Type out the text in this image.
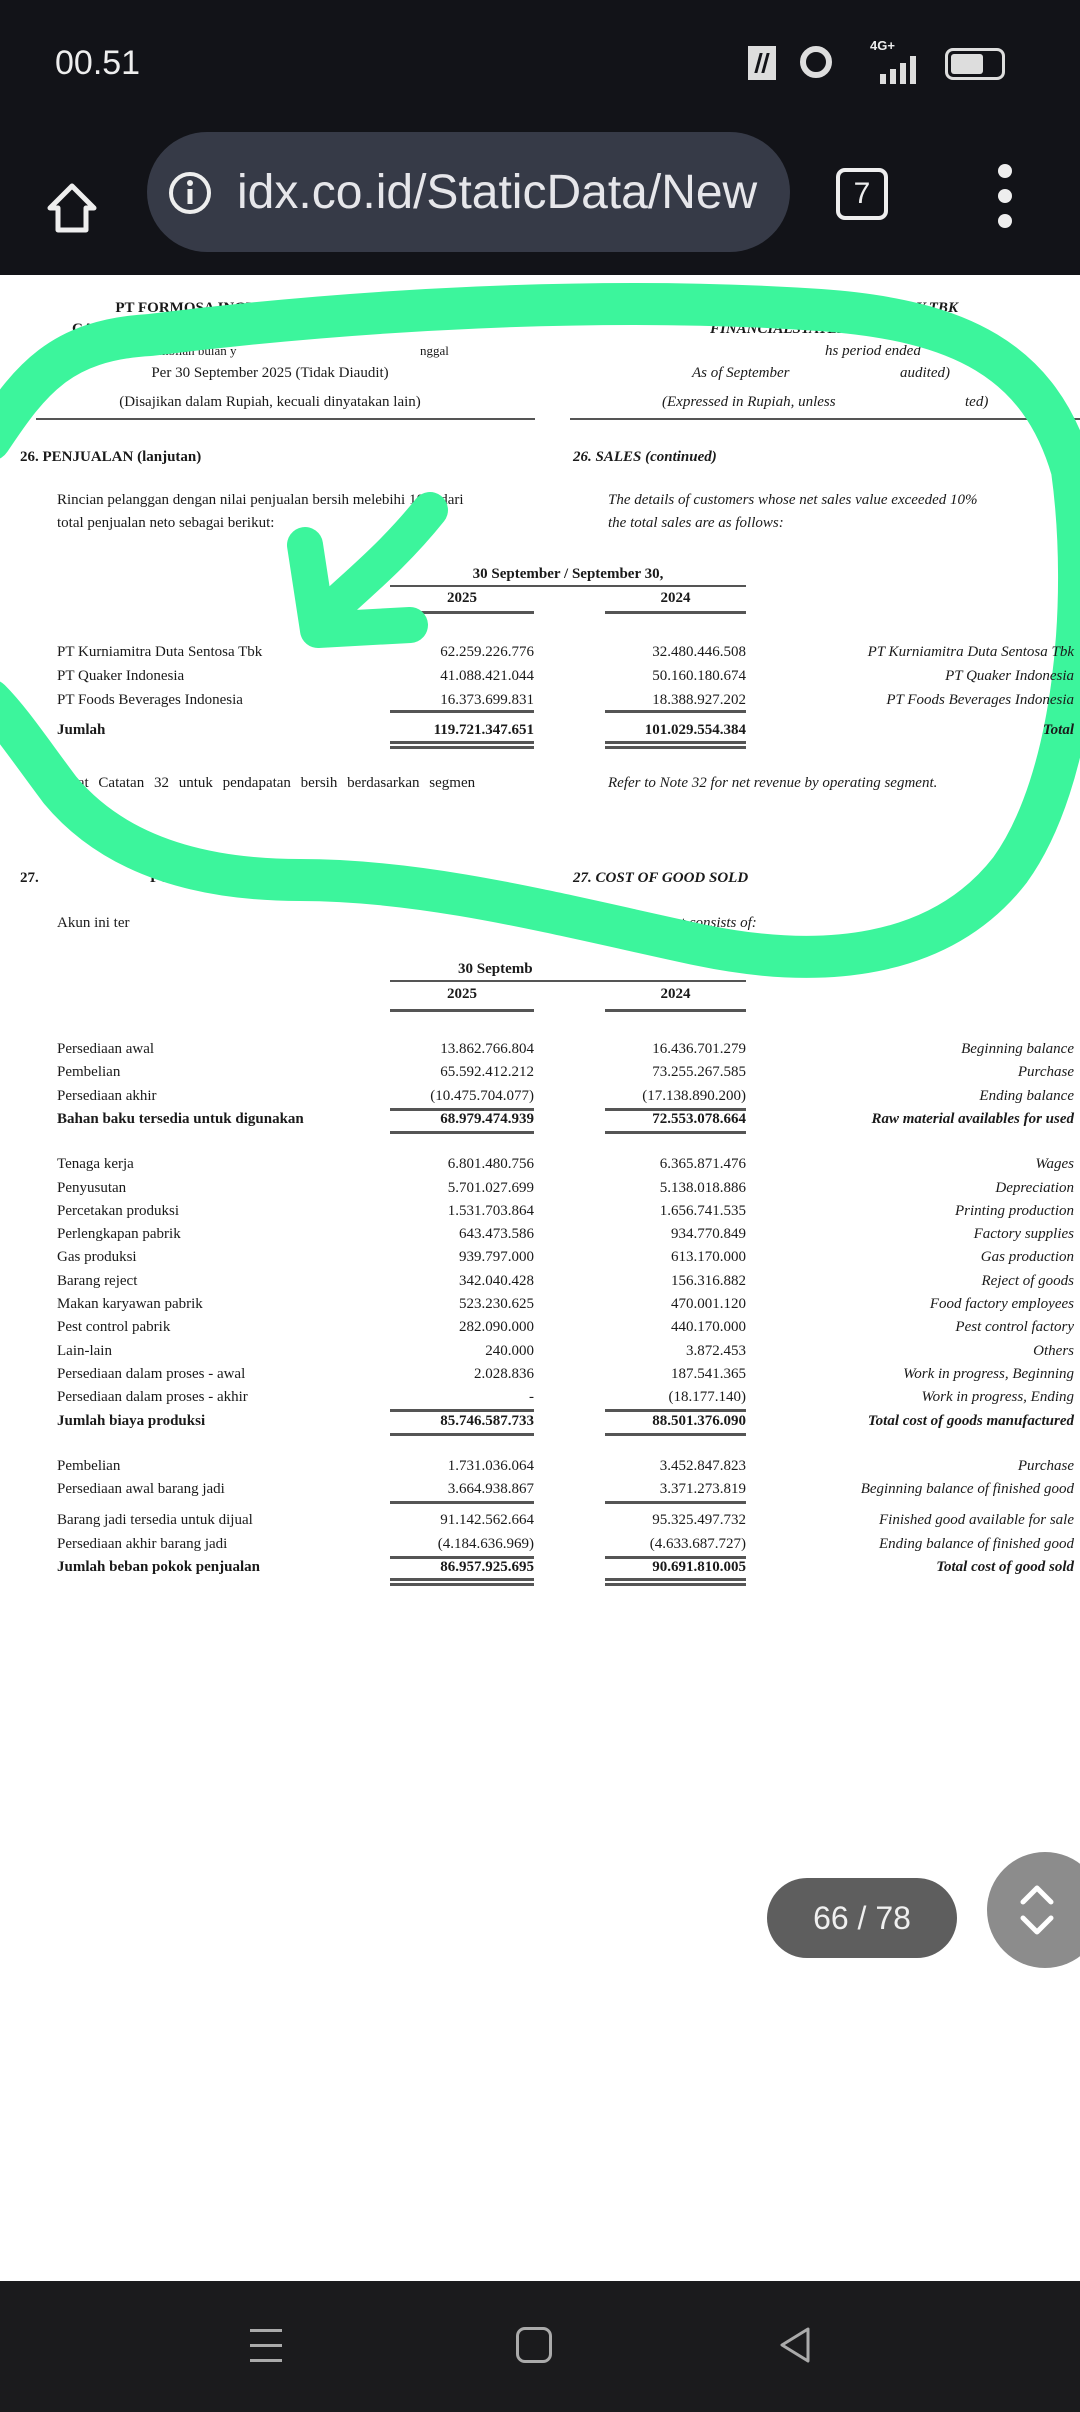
00.51	4G+
idx.co.id/StaticData/New	7
PT FORMOSA INGREDIENT FACTORY TBK
CATA	NGAN
eriode sembilan bulan y	nggal
Per 30 September 2025 (Tidak Diaudit)
(Disajikan dalam Rupiah, kecuali dinyatakan lain)
PT FORMOSA INGREDIENT FACTORY TBK
FINANCIALSTATEMENTS (continued)
hs period ended
As of September	audited)
(Expressed in Rupiah, unless	ted)
26. PENJUALAN (lanjutan)	26. SALES (continued)
Rincian pelanggan dengan nilai penjualan bersih melebihi 10% dari
total penjualan neto sebagai berikut:
The details of customers whose net sales value exceeded 10%
the total sales are as follows:
30 September / September 30,
2025	2024
Lihat Catatan 32 untuk pendapatan bersih berdasarkan segmen
operasi.
Refer to Note 32 for net revenue by operating segment.
27.	POKOK PENJUALAN	27. COST OF GOOD SOLD
Akun ini ter	This account consists of:
30 Septemb
2025	2024
PT Kurniamitra Duta Sentosa Tbk	62.259.226.776	32.480.446.508	PT Kurniamitra Duta Sentosa Tbk
PT Quaker Indonesia	41.088.421.044	50.160.180.674	PT Quaker Indonesia
PT Foods Beverages Indonesia	16.373.699.831	18.388.927.202	PT Foods Beverages Indonesia
Jumlah	119.721.347.651	101.029.554.384	Total
Persediaan awal	13.862.766.804	16.436.701.279	Beginning balance
Pembelian	65.592.412.212	73.255.267.585	Purchase
Persediaan akhir	(10.475.704.077)	(17.138.890.200)	Ending balance
Bahan baku tersedia untuk digunakan	68.979.474.939	72.553.078.664	Raw material availables for used
Tenaga kerja	6.801.480.756	6.365.871.476	Wages
Penyusutan	5.701.027.699	5.138.018.886	Depreciation
Percetakan produksi	1.531.703.864	1.656.741.535	Printing production
Perlengkapan pabrik	643.473.586	934.770.849	Factory supplies
Gas produksi	939.797.000	613.170.000	Gas production
Barang reject	342.040.428	156.316.882	Reject of goods
Makan karyawan pabrik	523.230.625	470.001.120	Food factory employees
Pest control pabrik	282.090.000	440.170.000	Pest control factory
Lain-lain	240.000	3.872.453	Others
Persediaan dalam proses - awal	2.028.836	187.541.365	Work in progress, Beginning
Persediaan dalam proses - akhir	-	(18.177.140)	Work in progress, Ending
Jumlah biaya produksi	85.746.587.733	88.501.376.090	Total cost of goods manufactured
Pembelian	1.731.036.064	3.452.847.823	Purchase
Persediaan awal barang jadi	3.664.938.867	3.371.273.819	Beginning balance of finished good
Barang jadi tersedia untuk dijual	91.142.562.664	95.325.497.732	Finished good available for sale
Persediaan akhir barang jadi	(4.184.636.969)	(4.633.687.727)	Ending balance of finished good
Jumlah beban pokok penjualan	86.957.925.695	90.691.810.005	Total cost of good sold
66 / 78
